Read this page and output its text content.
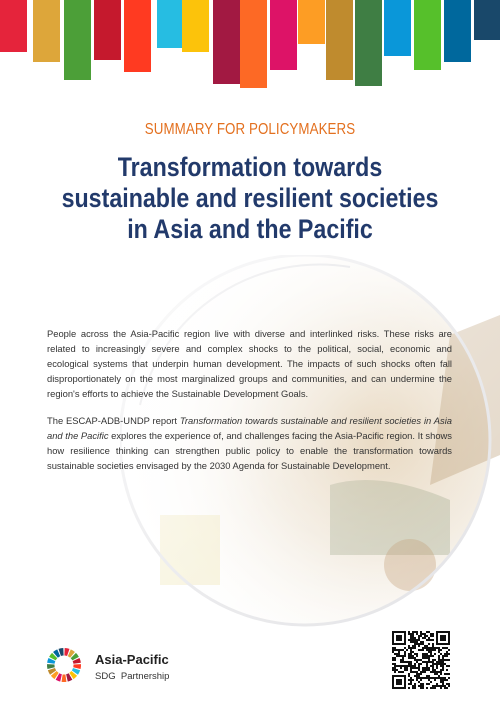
SUMMARY FOR POLICYMAKERS
Transformation towards
sustainable and resilient societies
in Asia and the Pacific

People across the Asia-Pacific region live with diverse and interlinked risks. These risks are related to increasingly severe and complex shocks to the political, social, economic and ecological systems that underpin human development. The impacts of such shocks often fall disproportionately on the most marginalized groups and communities, and can undermine the region's efforts to achieve the Sustainable Development Goals.

The ESCAP-ADB-UNDP report Transformation towards sustainable and resilient societies in Asia and the Pacific explores the experience of, and challenges facing the Asia-Pacific region. It shows how resilience thinking can strengthen public policy to enable the transformation towards sustainable societies envisaged by the 2030 Agenda for Sustainable Development.

Asia-Pacific
SDG  Partnership
